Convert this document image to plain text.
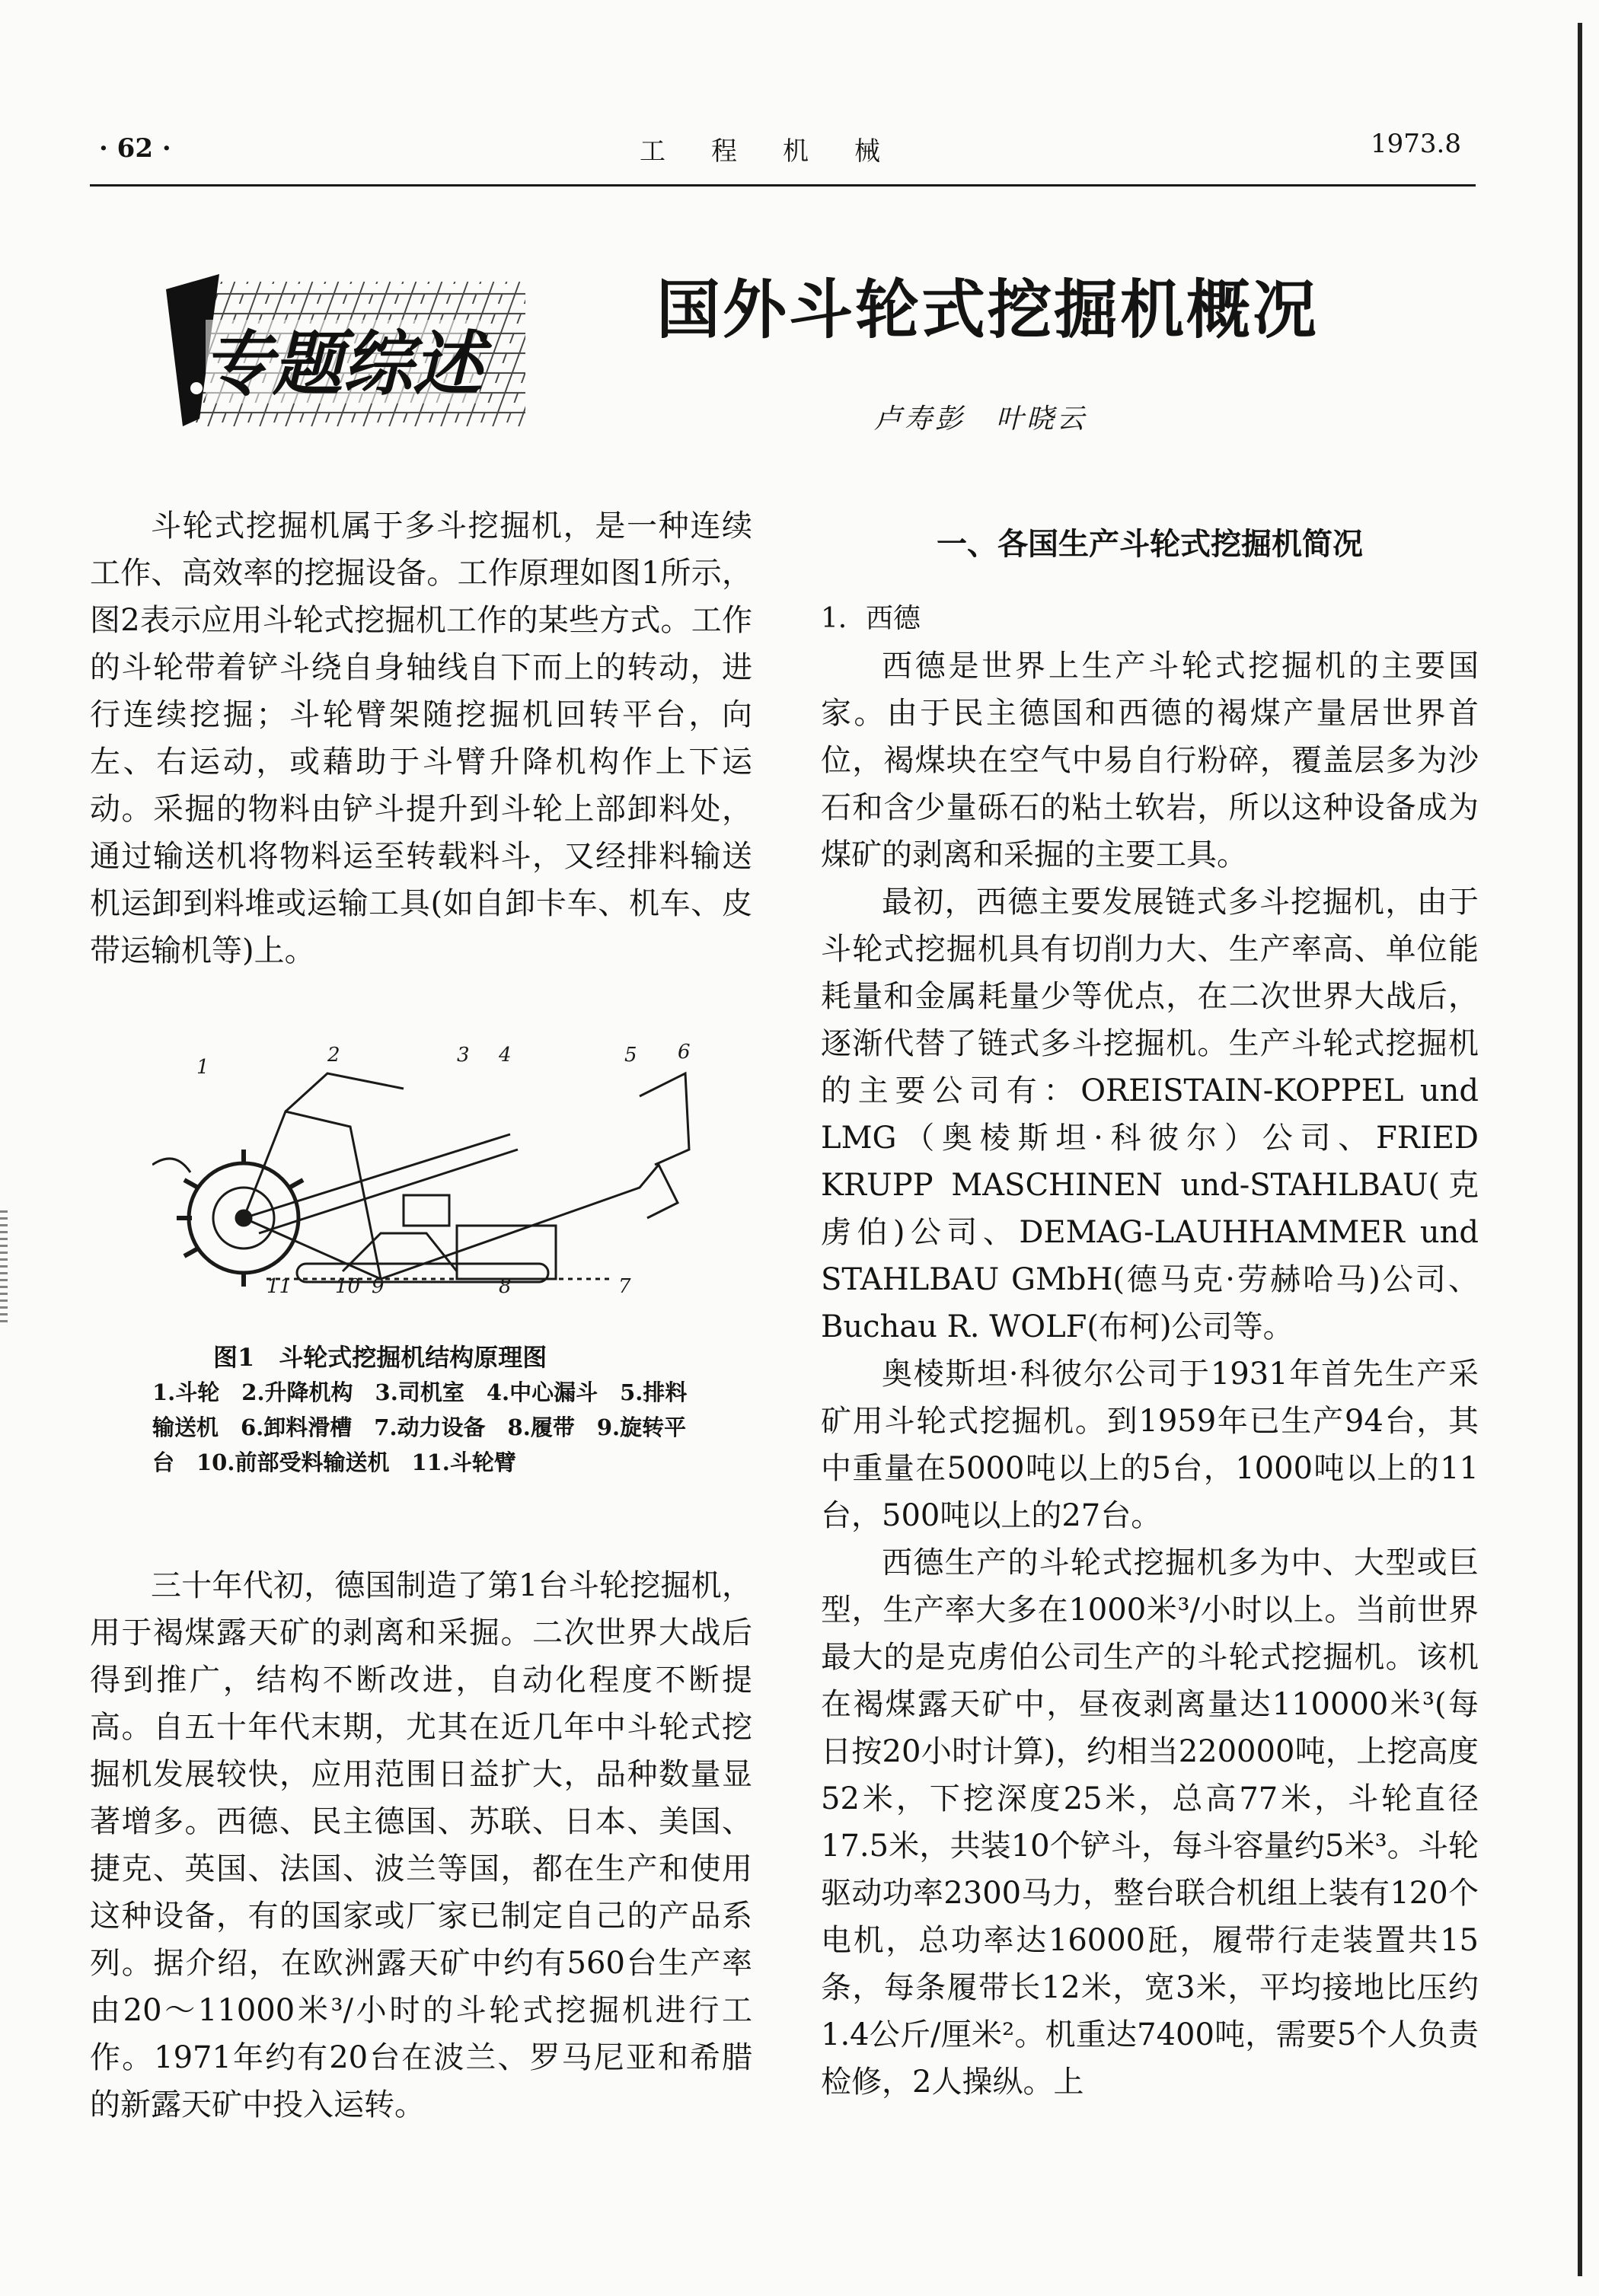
· 62 ·	工程机械	1973.8
专题综述
国外斗轮式挖掘机概况
卢寿彭 叶晓云

斗轮式挖掘机属于多斗挖掘机，是一种连续工作、高效率的挖掘设备。工作原理如图1所示，图2表示应用斗轮式挖掘机工作的某些方式。工作的斗轮带着铲斗绕自身轴线自下而上的转动，进行连续挖掘；斗轮臂架随挖掘机回转平台，向左、右运动，或藉助于斗臂升降机构作上下运动。采掘的物料由铲斗提升到斗轮上部卸料处，通过输送机将物料运至转载料斗，又经排料输送机运卸到料堆或运输工具(如自卸卡车、机车、皮带运输机等)上。

1
2	3 4	5 6
7
8
9
10
11
图1　斗轮式挖掘机结构原理图
1.斗轮　2.升降机构　3.司机室　4.中心漏斗　5.排料输送机　6.卸料滑槽　7.动力设备　8.履带　9.旋转平台　10.前部受料输送机　11.斗轮臂

三十年代初，德国制造了第1台斗轮挖掘机，用于褐煤露天矿的剥离和采掘。二次世界大战后得到推广，结构不断改进，自动化程度不断提高。自五十年代末期，尤其在近几年中斗轮式挖掘机发展较快，应用范围日益扩大，品种数量显著增多。西德、民主德国、苏联、日本、美国、捷克、英国、法国、波兰等国，都在生产和使用这种设备，有的国家或厂家已制定自己的产品系列。据介绍，在欧洲露天矿中约有560台生产率由20～11000米³/小时的斗轮式挖掘机进行工作。1971年约有20台在波兰、罗马尼亚和希腊的新露天矿中投入运转。

一、各国生产斗轮式挖掘机简况

1．西德

西德是世界上生产斗轮式挖掘机的主要国家。由于民主德国和西德的褐煤产量居世界首位，褐煤块在空气中易自行粉碎，覆盖层多为沙石和含少量砾石的粘土软岩，所以这种设备成为煤矿的剥离和采掘的主要工具。

最初，西德主要发展链式多斗挖掘机，由于斗轮式挖掘机具有切削力大、生产率高、单位能耗量和金属耗量少等优点，在二次世界大战后，逐渐代替了链式多斗挖掘机。生产斗轮式挖掘机的主要公司有：OREISTAIN-KOPPEL und LMG（奥棱斯坦·科彼尔）公司、FRIED KRUPP MASCHINEN und-STAHLBAU(克虏伯)公司、DEMAG-LAUHHAMMER und STAHLBAU GMbH(德马克·劳赫哈马)公司、Buchau R. WOLF(布柯)公司等。

奥棱斯坦·科彼尔公司于1931年首先生产采矿用斗轮式挖掘机。到1959年已生产94台，其中重量在5000吨以上的5台，1000吨以上的11台，500吨以上的27台。

西德生产的斗轮式挖掘机多为中、大型或巨型，生产率大多在1000米³/小时以上。当前世界最大的是克虏伯公司生产的斗轮式挖掘机。该机在褐煤露天矿中，昼夜剥离量达110000米³(每日按20小时计算)，约相当220000吨，上挖高度52米，下挖深度25米，总高77米，斗轮直径17.5米，共装10个铲斗，每斗容量约5米³。斗轮驱动功率2300马力，整台联合机组上装有120个电机，总功率达16000瓩，履带行走装置共15条，每条履带长12米，宽3米，平均接地比压约1.4公斤/厘米²。机重达7400吨，需要5个人负责检修，2人操纵。上
